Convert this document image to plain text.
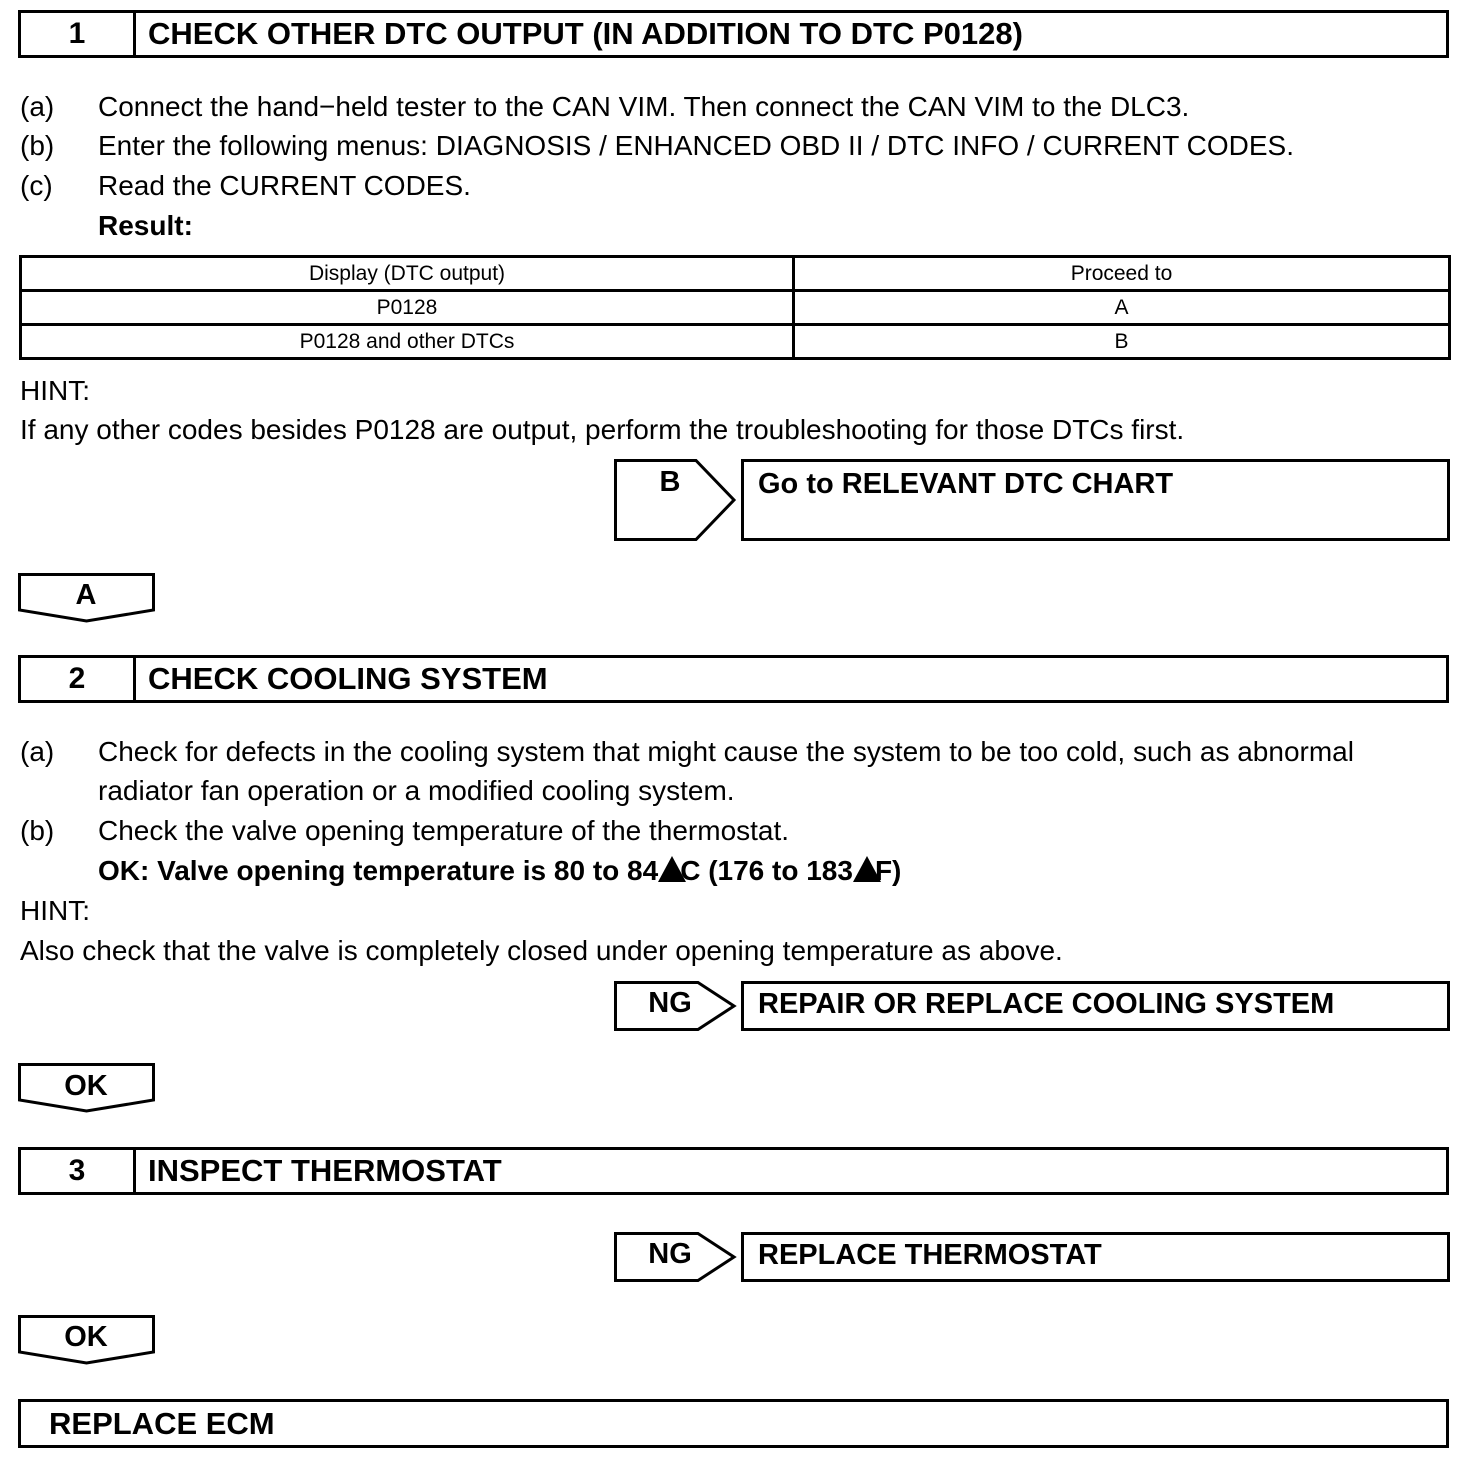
1	CHECK OTHER DTC OUTPUT (IN ADDITION TO DTC P0128)
(a) Connect the hand−held tester to the CAN VIM. Then connect the CAN VIM to the DLC3.
(b) Enter the following menus: DIAGNOSIS / ENHANCED OBD II / DTC INFO / CURRENT CODES.
(c) Read the CURRENT CODES.
Result:
Display (DTC output)	Proceed to
P0128	A
P0128 and other DTCs	B
HINT:
If any other codes besides P0128 are output, perform the troubleshooting for those DTCs first.
B	Go to RELEVANT DTC CHART
A
2	CHECK COOLING SYSTEM
(a) Check for defects in the cooling system that might cause the system to be too cold, such as abnormal
radiator fan operation or a modified cooling system.
(b) Check the valve opening temperature of the thermostat.
OK: Valve opening temperature is 80 to 84 C (176 to 183 F)
HINT:
Also check that the valve is completely closed under opening temperature as above.
NG	REPAIR OR REPLACE COOLING SYSTEM
OK
3	INSPECT THERMOSTAT
NG	REPLACE THERMOSTAT
OK
REPLACE ECM
